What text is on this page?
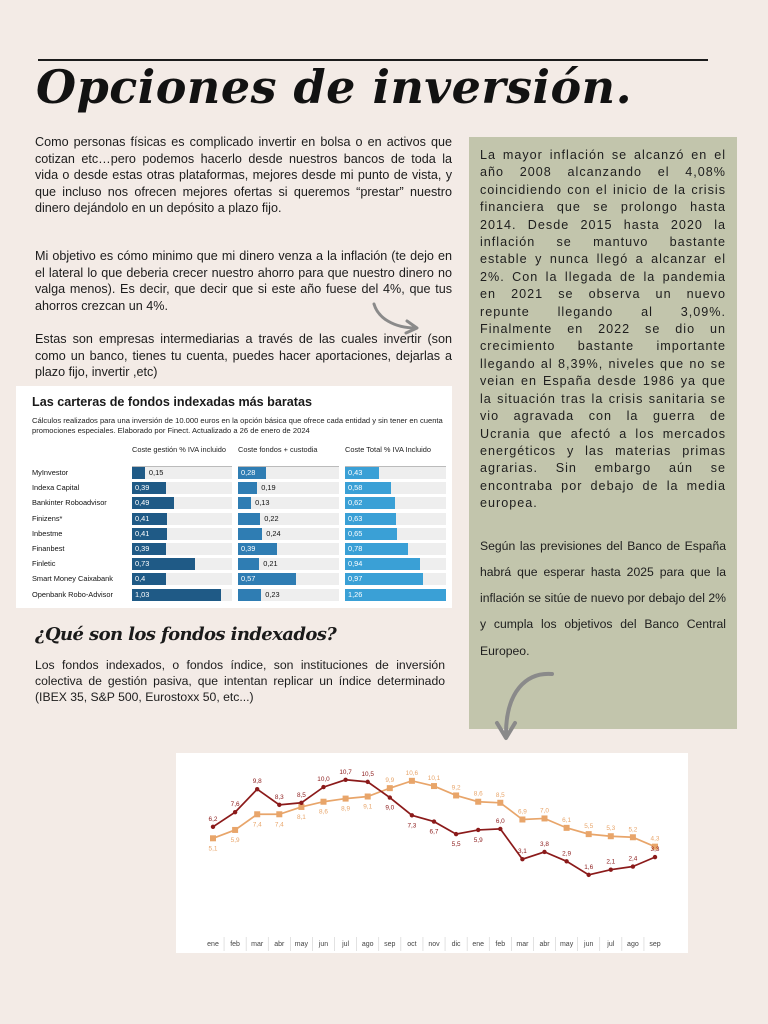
Opciones de inversión.

Como personas físicas es complicado invertir en bolsa o en activos que cotizan etc…pero podemos hacerlo desde nuestros bancos de toda la vida o desde estas otras plataformas, mejores desde mi punto de vista, y que incluso nos ofrecen mejores ofertas si queremos “prestar” nuestro dinero dejándolo en un depósito a plazo fijo.

Mi objetivo es cómo minimo que mi dinero venza a la inflación (te dejo en el lateral lo que deberia crecer nuestro ahorro para que nuestro dinero no valga menos). Es decir, que decir que si este año fuese del 4%, que tus ahorros crezcan un 4%.

Estas son empresas intermediarias a través de las cuales invertir (son como un banco, tienes tu cuenta, puedes hacer aportaciones, dejarlas a plazo fijo, invertir ,etc)

La mayor inflación se alcanzó en el año 2008 alcanzando el 4,08% coincidiendo con el inicio de la crisis financiera que se prolongo hasta 2014. Desde 2015 hasta 2020 la inflación se mantuvo bastante estable y nunca llegó a alcanzar el 2%. Con la llegada de la pandemia en 2021 se observa un nuevo repunte llegando al 3,09%. Finalmente en 2022 se dio un crecimiento bastante importante llegando al 8,39%, niveles que no se veian en España desde 1986 ya que la situación tras la crisis sanitaria se vio agravada con la guerra de Ucrania que afectó a los mercados energéticos y las materias primas agrarias. Sin embargo aún se encontraba por debajo de la media europea.

Según las previsiones del Banco de España habrá que esperar hasta 2025 para que la inflación se sitúe de nuevo por debajo del 2% y cumpla los objetivos del Banco Central Europeo.

Las carteras de fondos indexadas más baratas
Cálculos realizados para una inversión de 10.000 euros en la opción básica que ofrece cada entidad y sin tener en cuenta promociones especiales. Elaborado por Finect. Actualizado a 26 de enero de 2024
Coste gestión % IVA incluido	Coste fondos + custodia	Coste Total % IVA Incluido
MyInvestor	0,15	0,28	0,43
Indexa Capital	0,39	0,19	0,58
Bankinter Roboadvisor	0,49	0,13	0,62
Finizens*	0,41	0,22	0,63
Inbestme	0,41	0,24	0,65
Finanbest	0,39	0,39	0,78
Finletic	0,73	0,21	0,94
Smart Money Caixabank	0,4	0,57	0,97
Openbank Robo-Advisor	1,03	0,23	1,26
¿Qué son los fondos indexados?

Los fondos indexados, o fondos índice, son instituciones de inversión colectiva de gestión pasiva, que intentan replicar un índice determinado (IBEX 35, S&P 500, Eurostoxx 50, etc...)

ene feb mar abr may jun jul ago sep oct nov dic ene feb mar abr may jun jul ago sep
6,2
7,6
9,8
8,3 8,5
10,0
10,7 10,5
9,0
7,3
6,7
5,5
5,9
6,0
3,1
3,8
2,9
1,6
2,1 2,4
3,3
5,1
5,9
7,4 7,4
8,1
8,6 8,9 9,1
9,9
10,6
10,1
9,2
8,6 8,5
6,9 7,0
6,1
5,5 5,3 5,2
4,3
